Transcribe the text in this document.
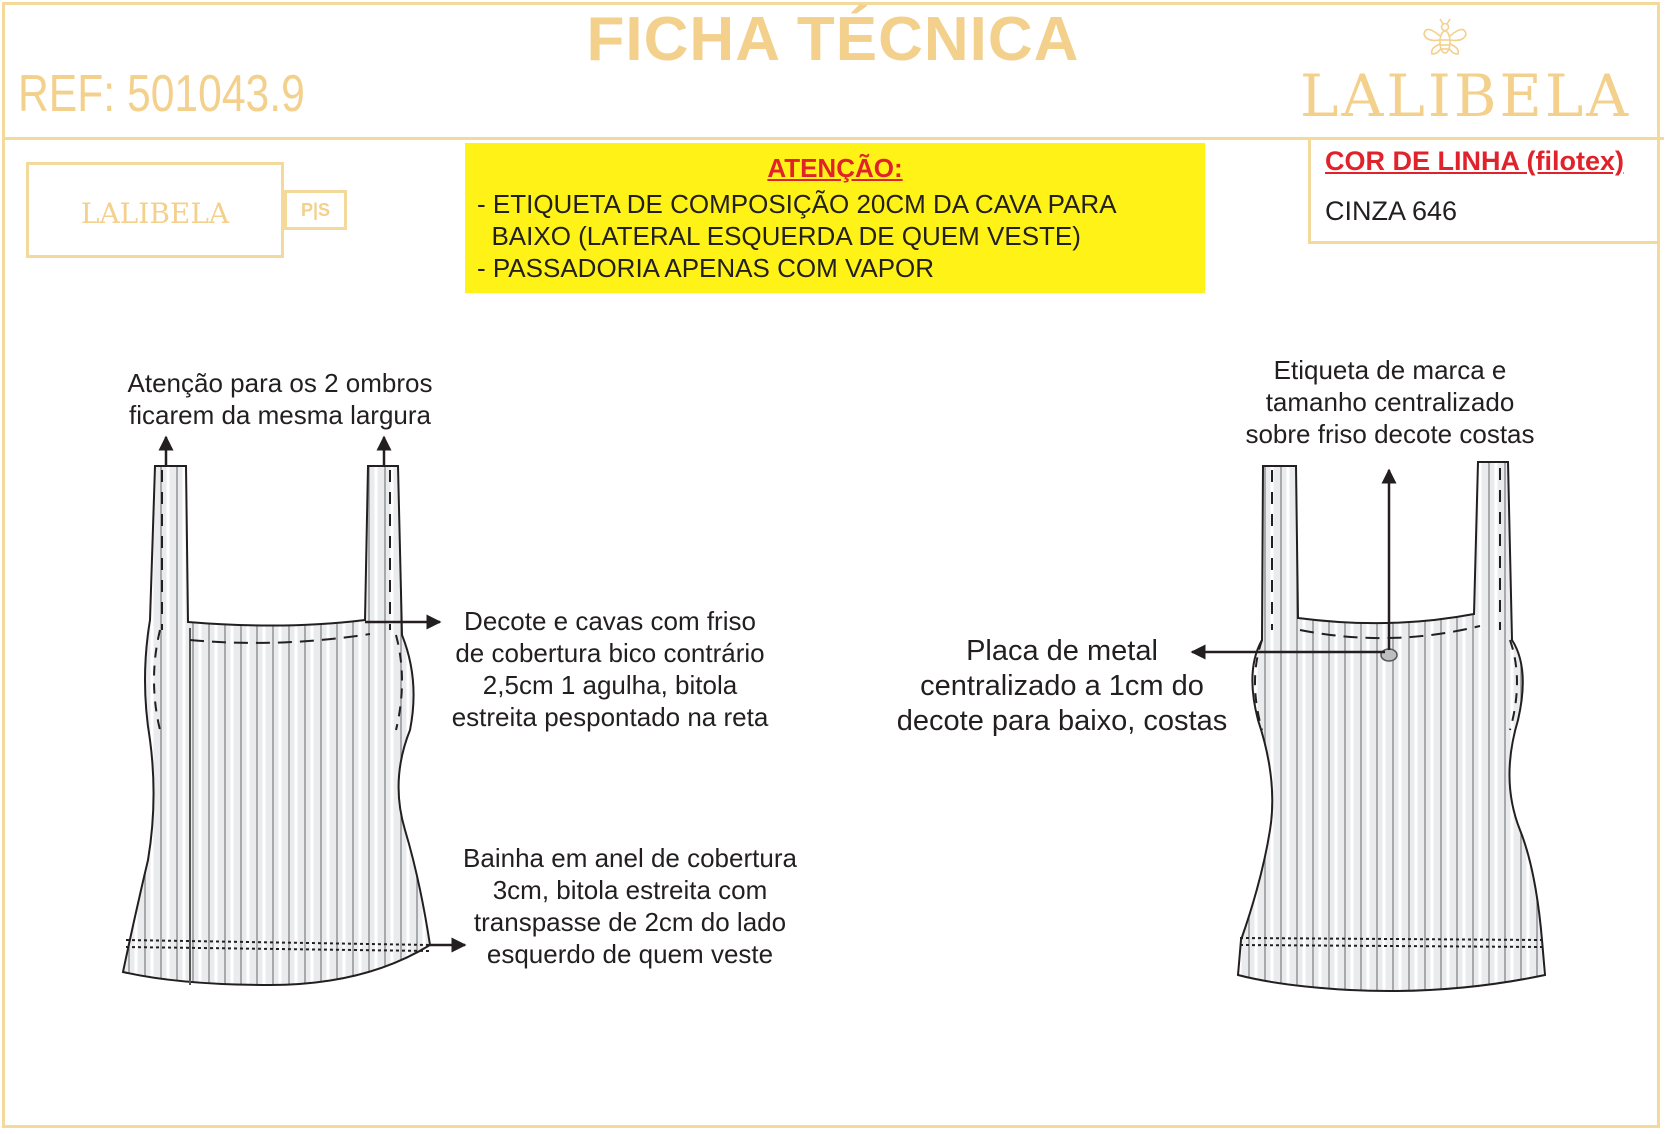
FICHA TÉCNICA
REF: 501043.9	LALIBELA
LALIBELA	P|S
ATENÇÃO:
- ETIQUETA DE COMPOSIÇÃO 20CM DA CAVA PARA
BAIXO (LATERAL ESQUERDA DE QUEM VESTE)
- PASSADORIA APENAS COM VAPOR
COR DE LINHA (filotex)
CINZA 646
Atenção para os 2 ombros
ficarem da mesma largura
Decote e cavas com friso
de cobertura bico contrário
2,5cm 1 agulha, bitola
estreita pespontado na reta
Bainha em anel de cobertura
3cm, bitola estreita com
transpasse de 2cm do lado
esquerdo de quem veste
Etiqueta de marca e
tamanho centralizado
sobre friso decote costas
Placa de metal
centralizado a 1cm do
decote para baixo, costas
